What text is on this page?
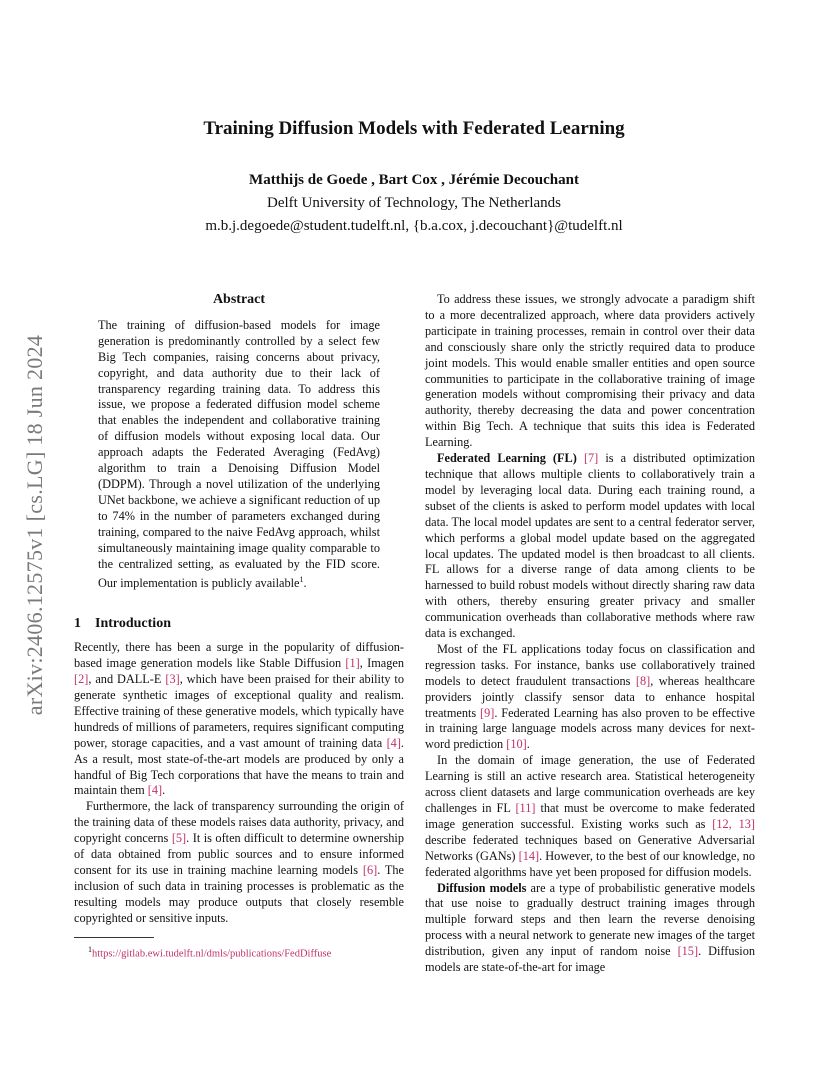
arXiv:2406.12575v1 [cs.LG] 18 Jun 2024
Training Diffusion Models with Federated Learning
Matthijs de Goede , Bart Cox , Jérémie Decouchant
Delft University of Technology, The Netherlands
m.b.j.degoede@student.tudelft.nl, {b.a.cox, j.decouchant}@tudelft.nl
Abstract
The training of diffusion-based models for image generation is predominantly controlled by a select few Big Tech companies, raising concerns about privacy, copyright, and data authority due to their lack of transparency regarding training data. To address this issue, we propose a federated diffusion model scheme that enables the independent and collaborative training of diffusion models without exposing local data. Our approach adapts the Federated Averaging (FedAvg) algorithm to train a Denoising Diffusion Model (DDPM). Through a novel utilization of the underlying UNet backbone, we achieve a significant reduction of up to 74% in the number of parameters exchanged during training, compared to the naive FedAvg approach, whilst simultaneously maintaining image quality comparable to the centralized setting, as evaluated by the FID score. Our implementation is publicly available$^1$.
1 Introduction

Recently, there has been a surge in the popularity of diffusion-based image generation models like Stable Diffusion [1], Imagen [2], and DALL-E [3], which have been praised for their ability to generate synthetic images of exceptional quality and realism. Effective training of these generative models, which typically have hundreds of millions of parameters, requires significant computing power, storage capacities, and a vast amount of training data [4]. As a result, most state-of-the-art models are produced by only a handful of Big Tech corporations that have the means to train and maintain them [4].

Furthermore, the lack of transparency surrounding the origin of the training data of these models raises data authority, privacy, and copyright concerns [5]. It is often difficult to determine ownership of data obtained from public sources and to ensure informed consent for its use in training machine learning models [6]. The inclusion of such data in training processes is problematic as the resulting models may produce outputs that closely resemble copyrighted or sensitive inputs.

$^1$https://gitlab.ewi.tudelft.nl/dmls/publications/FedDiffuse

To address these issues, we strongly advocate a paradigm shift to a more decentralized approach, where data providers actively participate in training processes, remain in control over their data and consciously share only the strictly required data to produce joint models. This would enable smaller entities and open source communities to participate in the collaborative training of image generation models without compromising their privacy and data authority, thereby decreasing the data and power concentration within Big Tech. A technique that suits this idea is Federated Learning.

Federated Learning (FL) [7] is a distributed optimization technique that allows multiple clients to collaboratively train a model by leveraging local data. During each training round, a subset of the clients is asked to perform model updates with local data. The local model updates are sent to a central federator server, which performs a global model update based on the aggregated local updates. The updated model is then broadcast to all clients. FL allows for a diverse range of data among clients to be harnessed to build robust models without directly sharing raw data with others, thereby ensuring greater privacy and smaller communication overheads than collaborative methods where raw data is exchanged.

Most of the FL applications today focus on classification and regression tasks. For instance, banks use collaboratively trained models to detect fraudulent transactions [8], whereas healthcare providers jointly classify sensor data to enhance hospital treatments [9]. Federated Learning has also proven to be effective in training large language models across many devices for next-word prediction [10].

In the domain of image generation, the use of Federated Learning is still an active research area. Statistical heterogeneity across client datasets and large communication overheads are key challenges in FL [11] that must be overcome to make federated image generation successful. Existing works such as [12, 13] describe federated techniques based on Generative Adversarial Networks (GANs) [14]. However, to the best of our knowledge, no federated algorithms have yet been proposed for diffusion models.

Diffusion models are a type of probabilistic generative models that use noise to gradually destruct training images through multiple forward steps and then learn the reverse denoising process with a neural network to generate new images of the target distribution, given any input of random noise [15]. Diffusion models are state-of-the-art for image
